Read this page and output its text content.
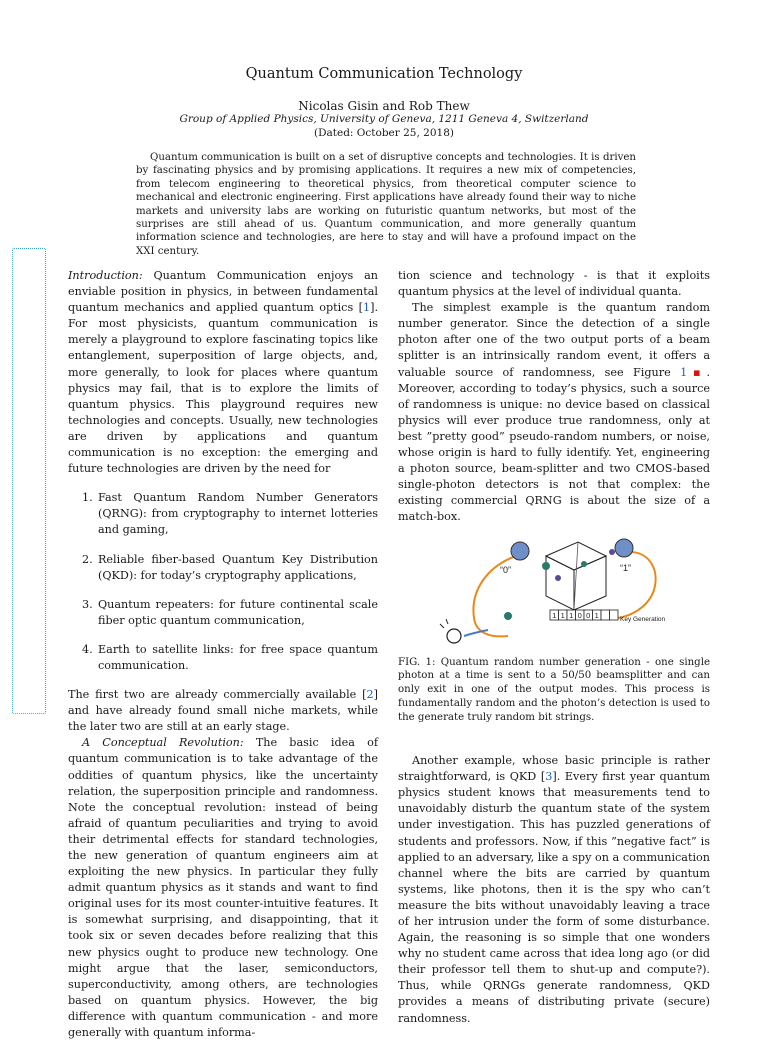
Quantum Communication Technology
Nicolas Gisin and Rob Thew
Group of Applied Physics, University of Geneva, 1211 Geneva 4, Switzerland
(Dated: October 25, 2018)
Quantum communication is built on a set of disruptive concepts and technologies. It is driven by fascinating physics and by promising applications. It requires a new mix of competencies, from telecom engineering to theoretical physics, from theoretical computer science to mechanical and electronic engineering. First applications have already found their way to niche markets and university labs are working on futuristic quantum networks, but most of the surprises are still ahead of us. Quantum communication, and more generally quantum information science and technologies, are here to stay and will have a profound impact on the XXI century.

Introduction: Quantum Communication enjoys an enviable position in physics, in between fundamental quantum mechanics and applied quantum optics [1]. For most physicists, quantum communication is merely a playground to explore fascinating topics like entanglement, superposition of large objects, and, more generally, to look for places where quantum physics may fail, that is to explore the limits of quantum physics. This playground requires new technologies and concepts. Usually, new technologies are driven by applications and quantum communication is no exception: the emerging and future technologies are driven by the need for

1. Fast Quantum Random Number Generators (QRNG): from cryptography to internet lotteries and gaming,
2. Reliable fiber-based Quantum Key Distribution (QKD): for today’s cryptography applications,
3. Quantum repeaters: for future continental scale fiber optic quantum communication,
4. Earth to satellite links: for free space quantum communication.

The first two are already commercially available [2] and have already found small niche markets, while the later two are still at an early stage.

A Conceptual Revolution: The basic idea of quantum communication is to take advantage of the oddities of quantum physics, like the uncertainty relation, the superposition principle and randomness. Note the conceptual revolution: instead of being afraid of quantum peculiarities and trying to avoid their detrimental effects for standard technologies, the new generation of quantum engineers aim at exploiting the new physics. In particular they fully admit quantum physics as it stands and want to find original uses for its most counter-intuitive features. It is somewhat surprising, and disappointing, that it took six or seven decades before realizing that this new physics ought to produce new technology. One might argue that the laser, semiconductors, superconductivity, among others, are technologies based on quantum physics. However, the big difference with quantum communication - and more generally with quantum informa-

tion science and technology - is that it exploits quantum physics at the level of individual quanta.

The simplest example is the quantum random number generator. Since the detection of a single photon after one of the two output ports of a beam splitter is an intrinsically random event, it offers a valuable source of randomness, see Figure 1▪. Moreover, according to today’s physics, such a source of randomness is unique: no device based on classical physics will ever produce true randomness, only at best ”pretty good” pseudo-random numbers, or noise, whose origin is hard to fully identify. Yet, engineering a photon source, beam-splitter and two CMOS-based single-photon detectors is not that complex: the existing commercial QRNG is about the size of a match-box.

“0”	“1”
1 1 1 0 0 1	Key Generation

FIG. 1: Quantum random number generation - one single photon at a time is sent to a 50/50 beamsplitter and can only exit in one of the output modes. This process is fundamentally random and the photon’s detection is used to the generate truly random bit strings.

Another example, whose basic principle is rather straightforward, is QKD [3]. Every first year quantum physics student knows that measurements tend to unavoidably disturb the quantum state of the system under investigation. This has puzzled generations of students and professors. Now, if this ”negative fact” is applied to an adversary, like a spy on a communication channel where the bits are carried by quantum systems, like photons, then it is the spy who can’t measure the bits without unavoidably leaving a trace of her intrusion under the form of some disturbance. Again, the reasoning is so simple that one wonders why no student came across that idea long ago (or did their professor tell them to shut-up and compute?). Thus, while QRNGs generate randomness, QKD provides a means of distributing private (secure) randomness.
